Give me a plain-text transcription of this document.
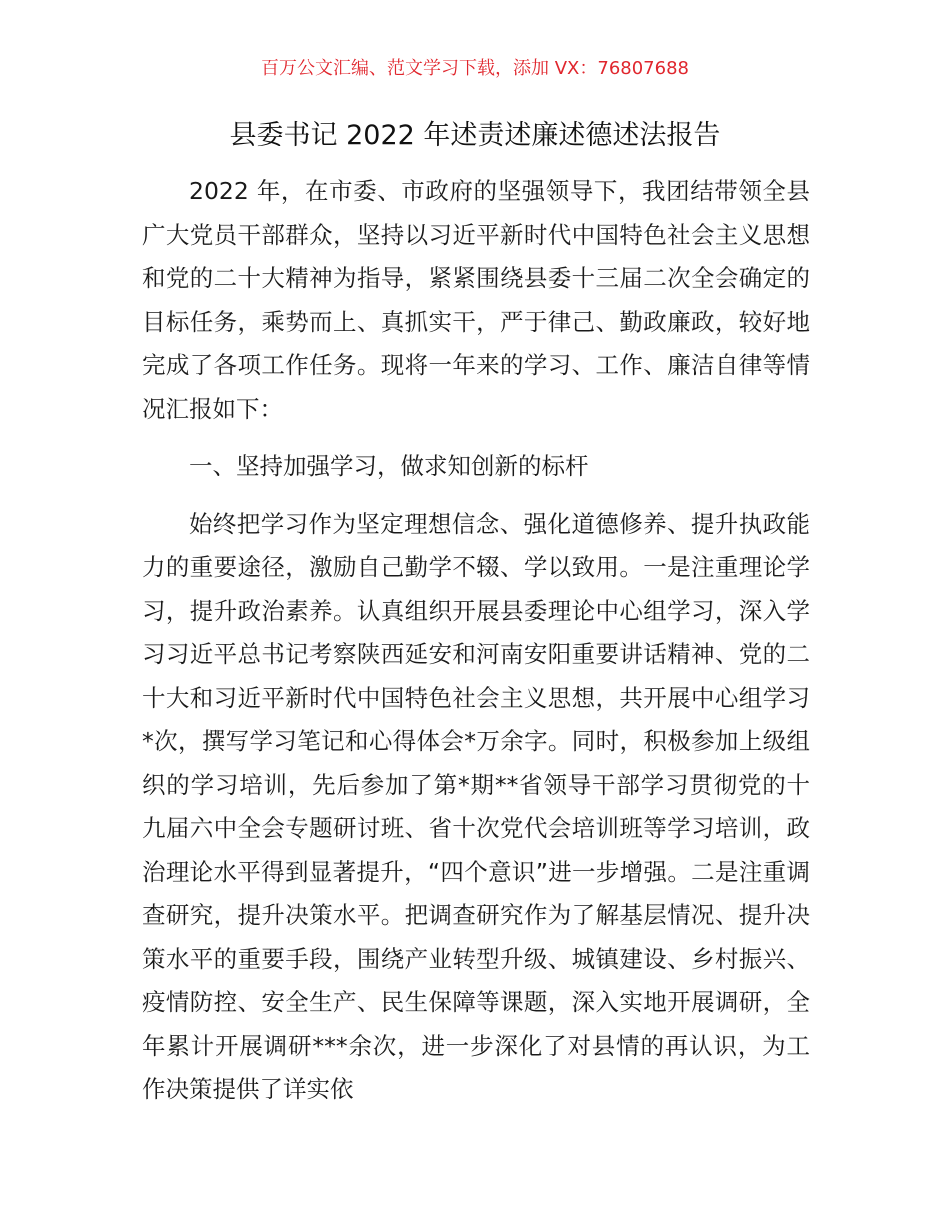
百万公文汇编、范文学习下载，添加 VX：76807688
县委书记 2022 年述责述廉述德述法报告

2022 年，在市委、市政府的坚强领导下，我团结带领全县广大党员干部群众，坚持以习近平新时代中国特色社会主义思想和党的二十大精神为指导，紧紧围绕县委十三届二次全会确定的目标任务，乘势而上、真抓实干，严于律己、勤政廉政，较好地完成了各项工作任务。现将一年来的学习、工作、廉洁自律等情况汇报如下：

一、坚持加强学习，做求知创新的标杆

始终把学习作为坚定理想信念、强化道德修养、提升执政能力的重要途径，激励自己勤学不辍、学以致用。一是注重理论学习，提升政治素养。认真组织开展县委理论中心组学习，深入学习习近平总书记考察陕西延安和河南安阳重要讲话精神、党的二十大和习近平新时代中国特色社会主义思想，共开展中心组学习*次，撰写学习笔记和心得体会*万余字。同时，积极参加上级组织的学习培训，先后参加了第*期**省领导干部学习贯彻党的十九届六中全会专题研讨班、省十次党代会培训班等学习培训，政治理论水平得到显著提升，“四个意识”进一步增强。二是注重调查研究，提升决策水平。把调查研究作为了解基层情况、提升决策水平的重要手段，围绕产业转型升级、城镇建设、乡村振兴、疫情防控、安全生产、民生保障等课题，深入实地开展调研，全年累计开展调研***余次，进一步深化了对县情的再认识，为工作决策提供了详实依
